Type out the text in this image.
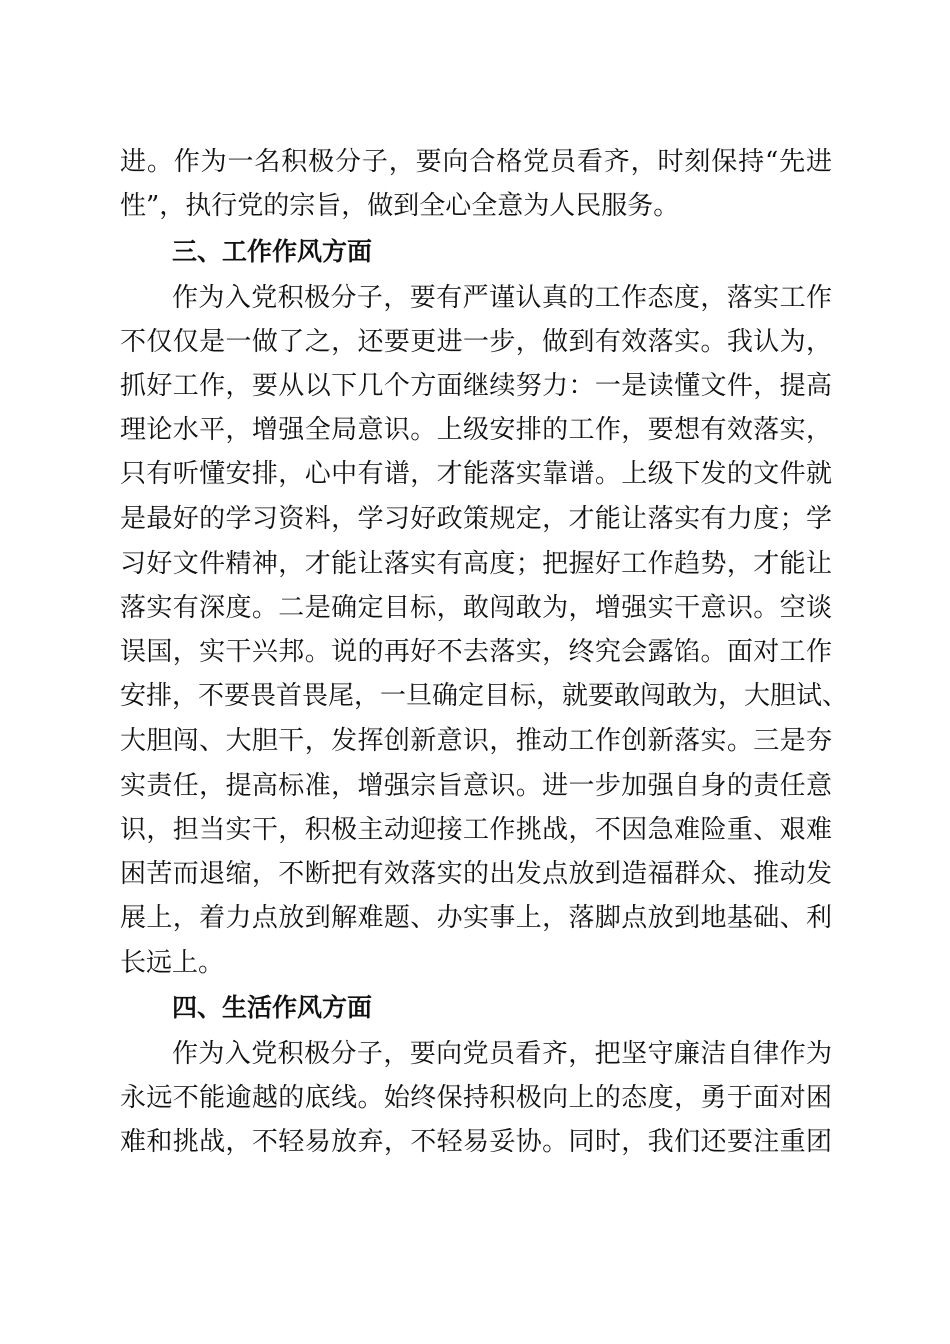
进。作为一名积极分子，要向合格党员看齐，时刻保持“先进
性”，执行党的宗旨，做到全心全意为人民服务。
三、工作作风方面
作为入党积极分子，要有严谨认真的工作态度，落实工作
不仅仅是一做了之，还要更进一步，做到有效落实。我认为，
抓好工作，要从以下几个方面继续努力：一是读懂文件，提高
理论水平，增强全局意识。上级安排的工作，要想有效落实，
只有听懂安排，心中有谱，才能落实靠谱。上级下发的文件就
是最好的学习资料，学习好政策规定，才能让落实有力度；学
习好文件精神，才能让落实有高度；把握好工作趋势，才能让
落实有深度。二是确定目标，敢闯敢为，增强实干意识。空谈
误国，实干兴邦。说的再好不去落实，终究会露馅。面对工作
安排，不要畏首畏尾，一旦确定目标，就要敢闯敢为，大胆试、
大胆闯、大胆干，发挥创新意识，推动工作创新落实。三是夯
实责任，提高标准，增强宗旨意识。进一步加强自身的责任意
识，担当实干，积极主动迎接工作挑战，不因急难险重、艰难
困苦而退缩，不断把有效落实的出发点放到造福群众、推动发
展上，着力点放到解难题、办实事上，落脚点放到地基础、利
长远上。
四、生活作风方面
作为入党积极分子，要向党员看齐，把坚守廉洁自律作为
永远不能逾越的底线。始终保持积极向上的态度，勇于面对困
难和挑战，不轻易放弃，不轻易妥协。同时，我们还要注重团
